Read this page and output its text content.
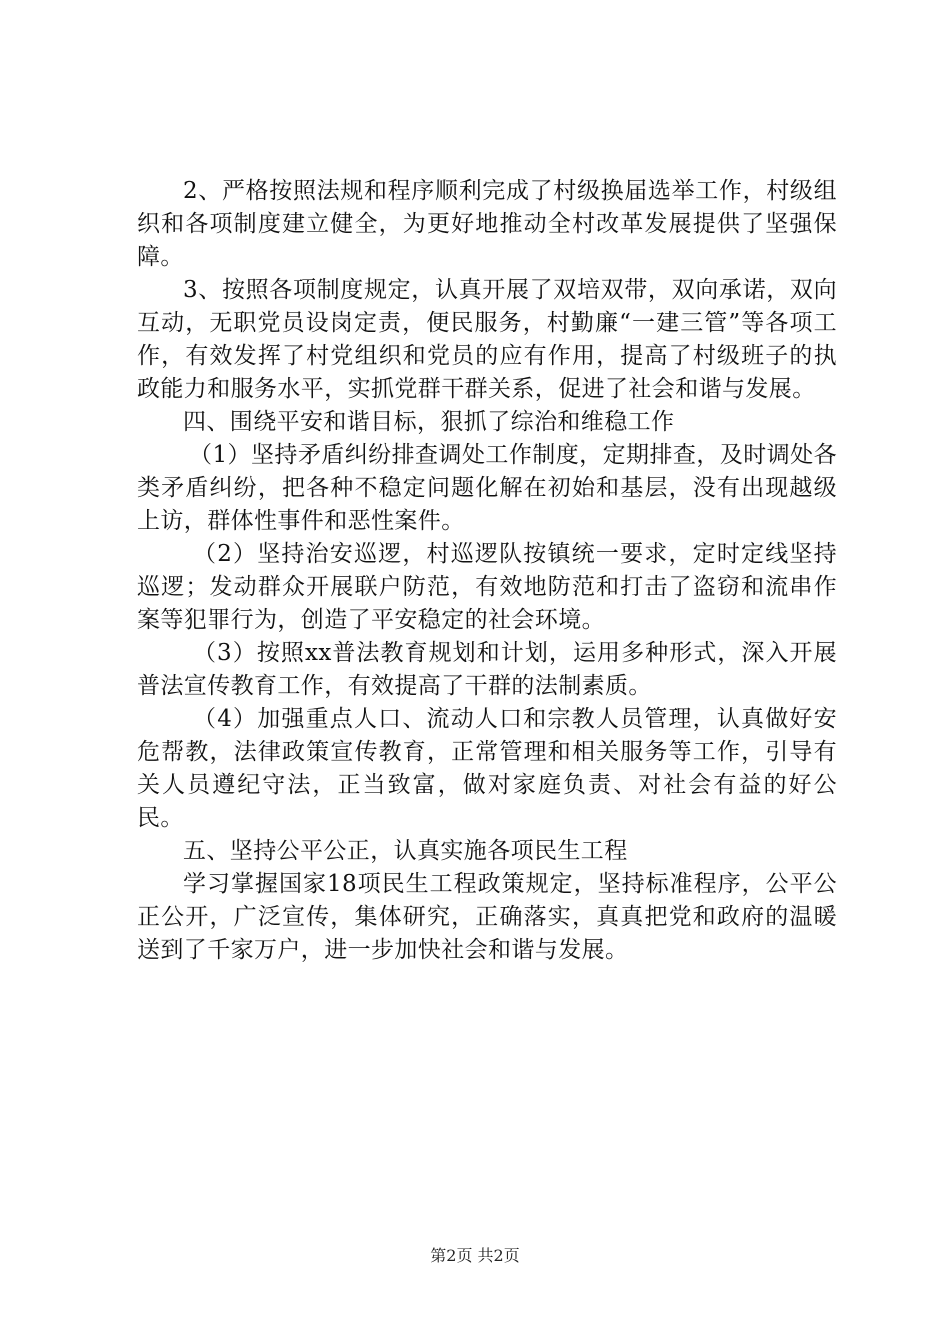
2、严格按照法规和程序顺利完成了村级换届选举工作，村级组织和各项制度建立健全，为更好地推动全村改革发展提供了坚强保障。

3、按照各项制度规定，认真开展了双培双带，双向承诺，双向互动，无职党员设岗定责，便民服务，村勤廉“一建三管”等各项工作，有效发挥了村党组织和党员的应有作用，提高了村级班子的执政能力和服务水平，实抓党群干群关系，促进了社会和谐与发展。

四、围绕平安和谐目标，狠抓了综治和维稳工作

（1）坚持矛盾纠纷排查调处工作制度，定期排查，及时调处各类矛盾纠纷，把各种不稳定问题化解在初始和基层，没有出现越级上访，群体性事件和恶性案件。

（2）坚持治安巡逻，村巡逻队按镇统一要求，定时定线坚持巡逻；发动群众开展联户防范，有效地防范和打击了盗窃和流串作案等犯罪行为，创造了平安稳定的社会环境。

（3）按照xx普法教育规划和计划，运用多种形式，深入开展普法宣传教育工作，有效提高了干群的法制素质。

（4）加强重点人口、流动人口和宗教人员管理，认真做好安危帮教，法律政策宣传教育，正常管理和相关服务等工作，引导有关人员遵纪守法，正当致富，做对家庭负责、对社会有益的好公民。

五、坚持公平公正，认真实施各项民生工程

学习掌握国家18项民生工程政策规定，坚持标准程序，公平公正公开，广泛宣传，集体研究，正确落实，真真把党和政府的温暖送到了千家万户，进一步加快社会和谐与发展。

第2页 共2页
